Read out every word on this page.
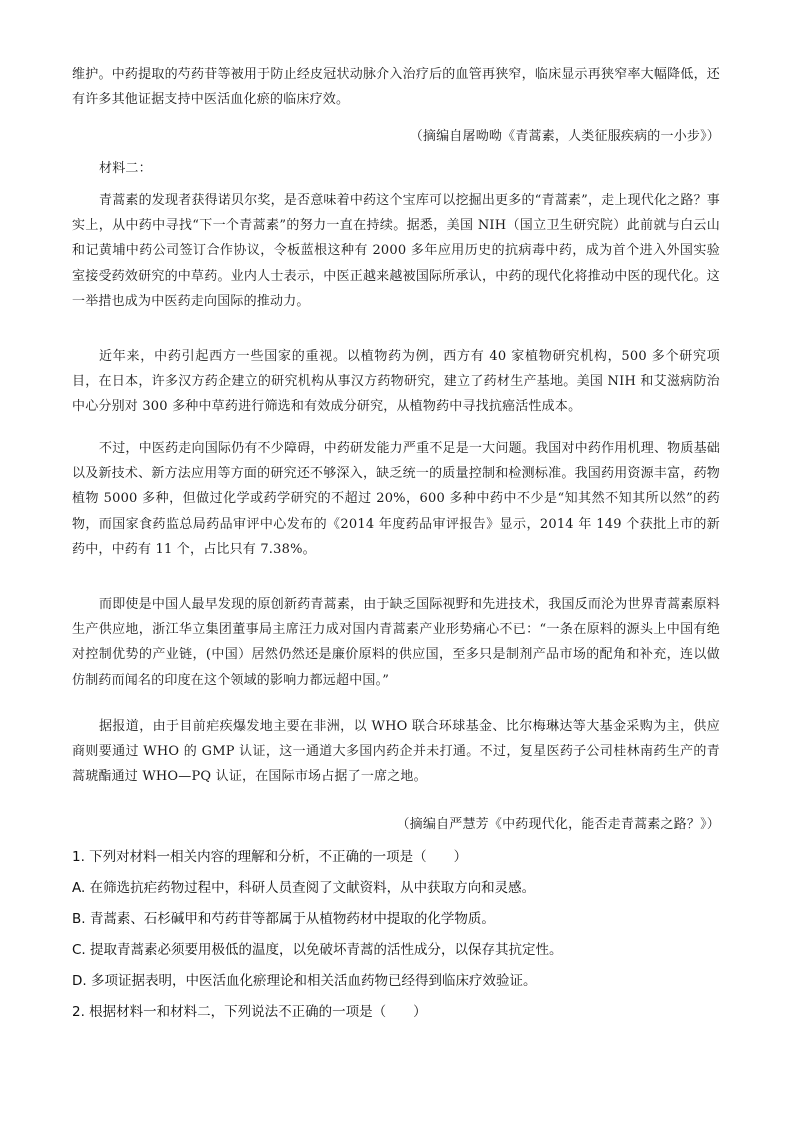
维护。中药提取的芍药苷等被用于防止经皮冠状动脉介入治疗后的血管再狭窄，临床显示再狭窄率大幅降低，还有许多其他证据支持中医活血化瘀的临床疗效。

（摘编自屠呦呦《青蒿素，人类征服疾病的一小步》）

材料二：

青蒿素的发现者获得诺贝尔奖，是否意味着中药这个宝库可以挖掘出更多的“青蒿素”，走上现代化之路？事实上，从中药中寻找“下一个青蒿素”的努力一直在持续。据悉，美国 NIH（国立卫生研究院）此前就与白云山和记黄埔中药公司签订合作协议，令板蓝根这种有 2000 多年应用历史的抗病毒中药，成为首个进入外国实验室接受药效研究的中草药。业内人士表示，中医正越来越被国际所承认，中药的现代化将推动中医的现代化。这一举措也成为中医药走向国际的推动力。

近年来，中药引起西方一些国家的重视。以植物药为例，西方有 40 家植物研究机构，500 多个研究项目，在日本，许多汉方药企建立的研究机构从事汉方药物研究，建立了药材生产基地。美国 NIH 和艾滋病防治中心分别对 300 多种中草药进行筛选和有效成分研究，从植物药中寻找抗癌活性成本。

不过，中医药走向国际仍有不少障碍，中药研发能力严重不足是一大问题。我国对中药作用机理、物质基础以及新技术、新方法应用等方面的研究还不够深入，缺乏统一的质量控制和检测标准。我国药用资源丰富，药物植物 5000 多种，但做过化学或药学研究的不超过 20%，600 多种中药中不少是“知其然不知其所以然”的药物，而国家食药监总局药品审评中心发布的《2014 年度药品审评报告》显示，2014 年 149 个获批上市的新药中，中药有 11 个，占比只有 7.38%。

而即使是中国人最早发现的原创新药青蒿素，由于缺乏国际视野和先进技术，我国反而沦为世界青蒿素原料生产供应地，浙江华立集团董事局主席汪力成对国内青蒿素产业形势痛心不已：“一条在原料的源头上中国有绝对控制优势的产业链，(中国）居然仍然还是廉价原料的供应国，至多只是制剂产品市场的配角和补充，连以做仿制药而闻名的印度在这个领域的影响力都远超中国。”

据报道，由于目前疟疾爆发地主要在非洲，以 WHO 联合环球基金、比尔梅琳达等大基金采购为主，供应商则要通过 WHO 的 GMP 认证，这一通道大多国内药企并未打通。不过，复星医药子公司桂林南药生产的青蒿琥酯通过 WHO—PQ 认证，在国际市场占据了一席之地。

（摘编自严慧芳《中药现代化，能否走青蒿素之路？》）

1. 下列对材料一相关内容的理解和分析，不正确的一项是（　　）
A. 在筛选抗疟药物过程中，科研人员查阅了文献资料，从中获取方向和灵感。
B. 青蒿素、石杉碱甲和芍药苷等都属于从植物药材中提取的化学物质。
C. 提取青蒿素必须要用极低的温度，以免破坏青蒿的活性成分，以保存其抗定性。
D. 多项证据表明，中医活血化瘀理论和相关活血药物已经得到临床疗效验证。
2. 根据材料一和材料二，下列说法不正确的一项是（　　）
